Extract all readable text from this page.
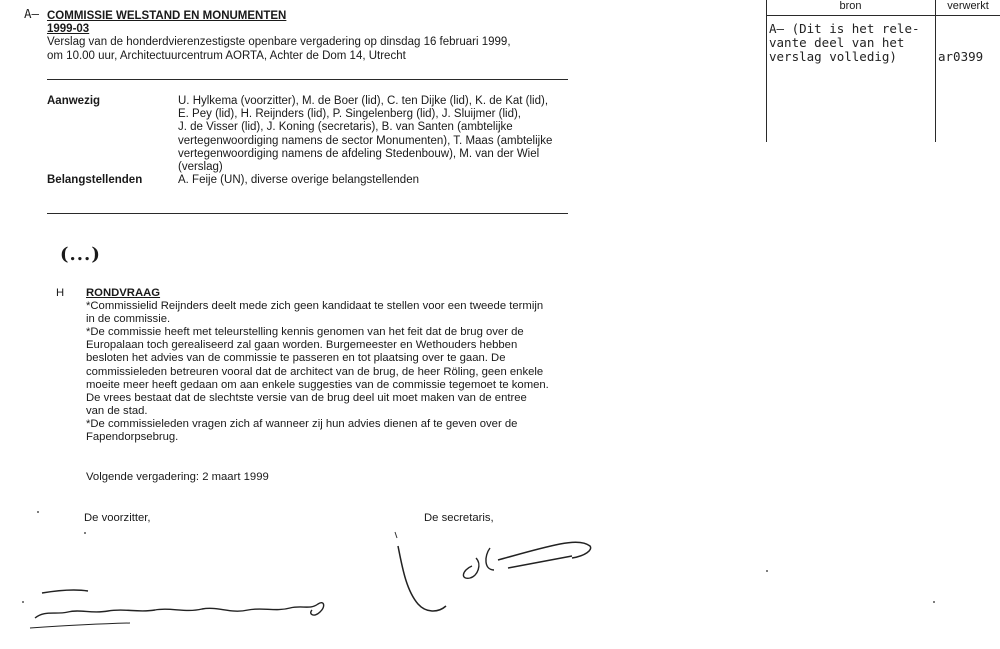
A– COMMISSIE WELSTAND EN MONUMENTEN
1999-03
Verslag van de honderdvierenzestigste openbare vergadering op dinsdag 16 februari 1999,
om 10.00 uur, Architectuurcentrum AORTA, Achter de Dom 14, Utrecht
Aanwezig	U. Hylkema (voorzitter), M. de Boer (lid), C. ten Dijke (lid), K. de Kat (lid),
E. Pey (lid), H. Reijnders (lid), P. Singelenberg (lid), J. Sluijmer (lid),
J. de Visser (lid), J. Koning (secretaris), B. van Santen (ambtelijke
vertegenwoordiging namens de sector Monumenten), T. Maas (ambtelijke
vertegenwoordiging namens de afdeling Stedenbouw), M. van der Wiel
(verslag)
Belangstellenden	A. Feije (UN), diverse overige belangstellenden
(...)
H RONDVRAAG
*Commissielid Reijnders deelt mede zich geen kandidaat te stellen voor een tweede termijn
in de commissie.
*De commissie heeft met teleurstelling kennis genomen van het feit dat de brug over de
Europalaan toch gerealiseerd zal gaan worden. Burgemeester en Wethouders hebben
besloten het advies van de commissie te passeren en tot plaatsing over te gaan. De
commissieleden betreuren vooral dat de architect van de brug, de heer Röling, geen enkele
moeite meer heeft gedaan om aan enkele suggesties van de commissie tegemoet te komen.
De vrees bestaat dat de slechtste versie van de brug deel uit moet maken van de entree
van de stad.
*De commissieleden vragen zich af wanneer zij hun advies dienen af te geven over de
Fapendorpsebrug.
Volgende vergadering: 2 maart 1999
De voorzitter,	De secretaris,
bron	verwerkt
A– (Dit is het rele-
vante deel van het
verslag volledig)	ar0399
